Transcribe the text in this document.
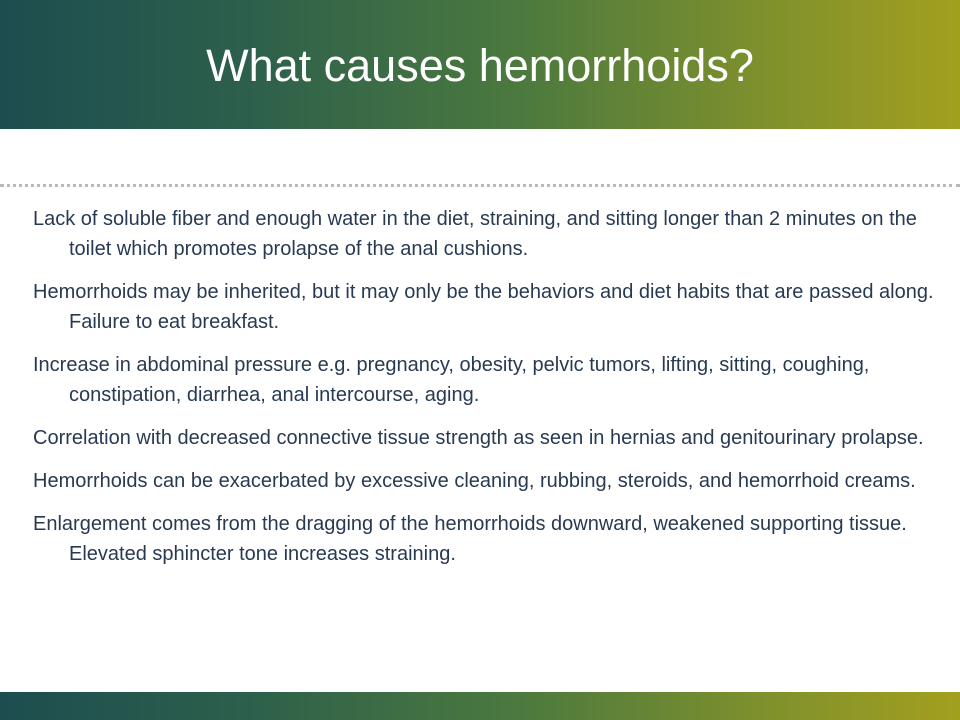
What causes hemorrhoids?

Lack of soluble fiber and enough water in the diet, straining, and sitting longer than 2 minutes on the toilet which promotes prolapse of the anal cushions.

Hemorrhoids may be inherited, but it may only be the behaviors and diet habits that are passed along. Failure to eat breakfast.

Increase in abdominal pressure e.g. pregnancy, obesity, pelvic tumors, lifting, sitting, coughing, constipation, diarrhea, anal intercourse, aging.

Correlation with decreased connective tissue strength as seen in hernias and genitourinary prolapse.

Hemorrhoids can be exacerbated by excessive cleaning, rubbing, steroids, and hemorrhoid creams.

Enlargement comes from the dragging of the hemorrhoids downward, weakened supporting tissue. Elevated sphincter tone increases straining.
